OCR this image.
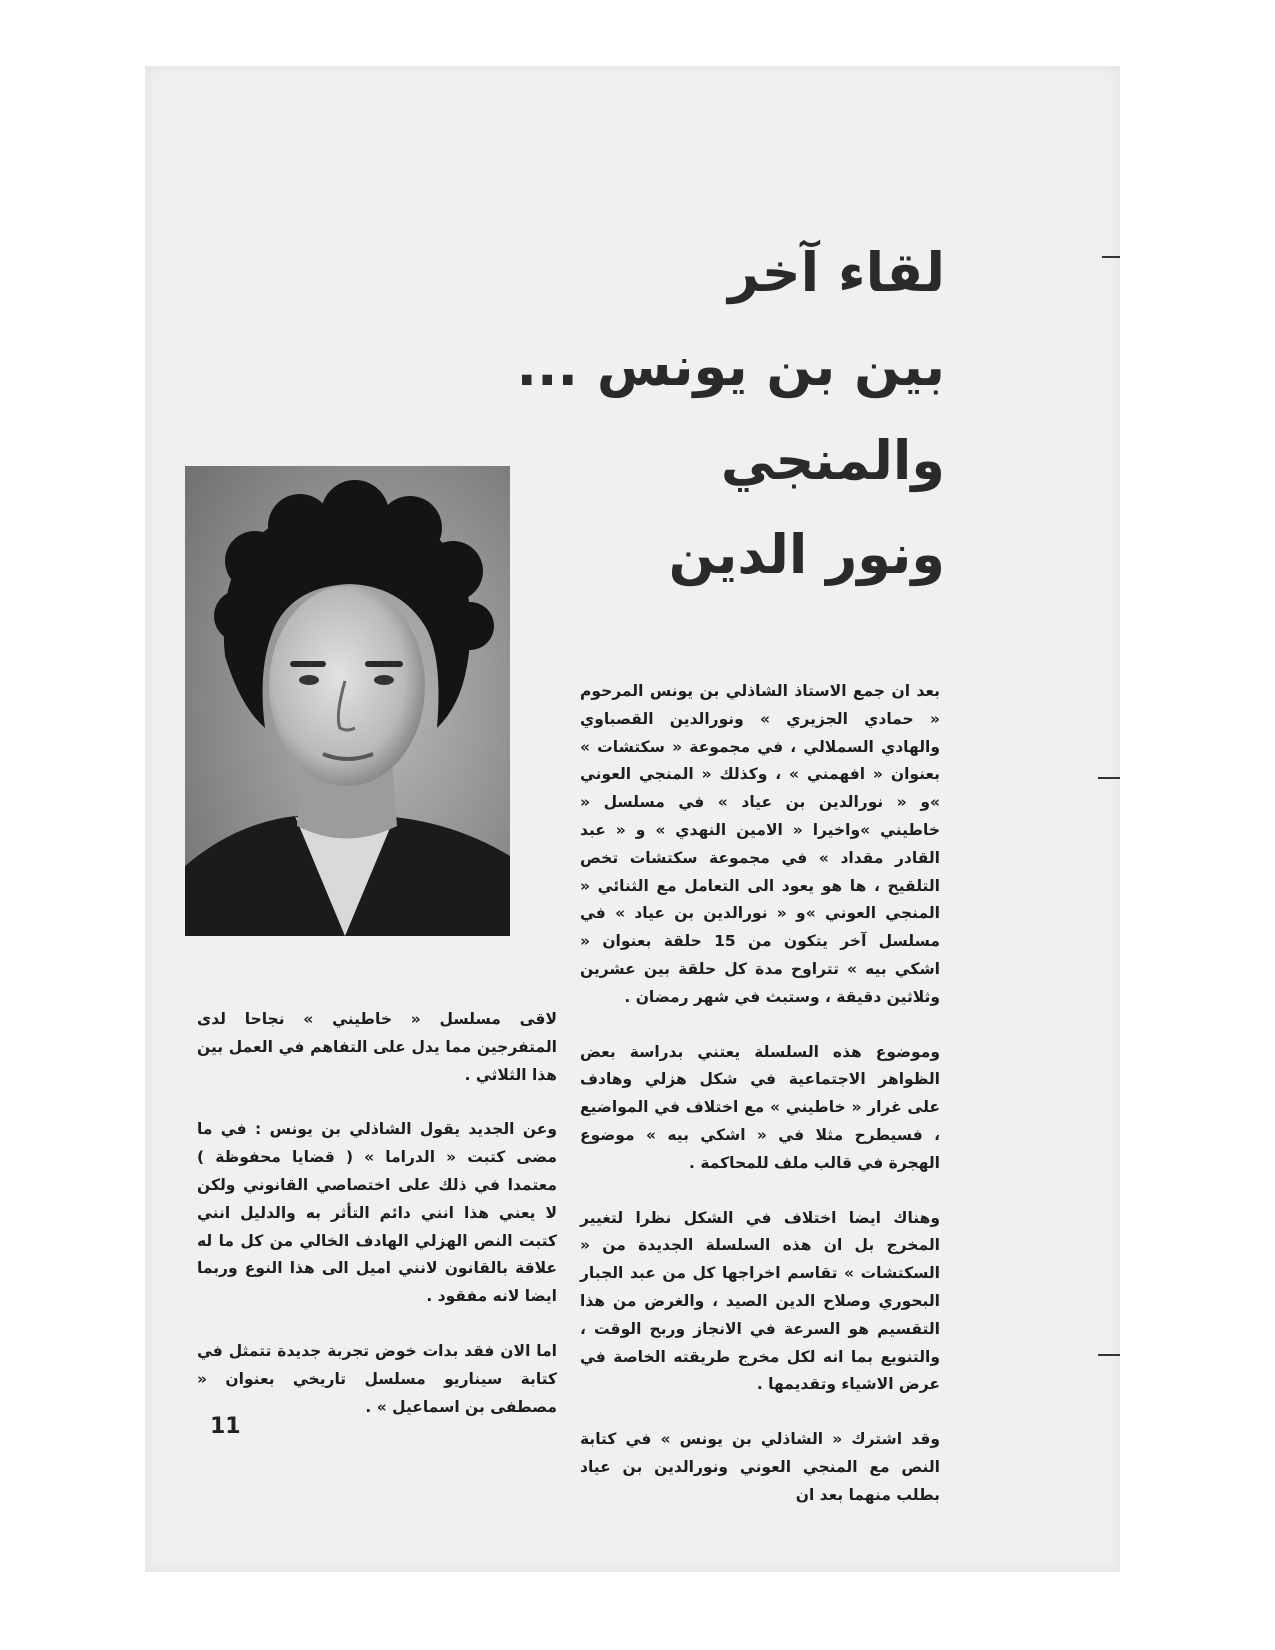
لقاء آخر
بين بن يونس ...
والمنجي
ونور الدين

بعد ان جمع الاستاذ الشاذلي بن يونس المرحوم « حمادي الجزيري » ونورالدين القصباوي والهادي السملالي ، في مجموعة « سكتشات » بعنوان « افهمني » ، وكذلك « المنجي العوني »و « نورالدين بن عياد » في مسلسل « خاطيني »واخيرا « الامين النهدي » و « عبد القادر مقداد » في مجموعة سكتشات تخص التلقيح ، ها هو يعود الى التعامل مع الثنائي « المنجي العوني »و « نورالدين بن عياد » في مسلسل آخر يتكون من 15 حلقة بعنوان « اشكي بيه » تتراوح مدة كل حلقة بين عشرين وثلاثين دقيقة ، وستبث في شهر رمضان .

وموضوع هذه السلسلة يعتني بدراسة بعض الظواهر الاجتماعية في شكل هزلي وهادف على غرار « خاطيني » مع اختلاف في المواضيع ، فسيطرح مثلا في « اشكي بيه » موضوع الهجرة في قالب ملف للمحاكمة .

وهناك ايضا اختلاف في الشكل نظرا لتغيير المخرج بل ان هذه السلسلة الجديدة من « السكتشات » تقاسم اخراجها كل من عبد الجبار البحوري وصلاح الدين الصيد ، والغرض من هذا التقسيم هو السرعة في الانجاز وربح الوقت ، والتنويع بما انه لكل مخرج طريقته الخاصة في عرض الاشياء وتقديمها .

وقد اشترك « الشاذلي بن يونس » في كتابة النص مع المنجي العوني ونورالدين بن عياد بطلب منهما بعد ان

لاقى مسلسل « خاطيني » نجاحا لدى المتفرجين مما يدل على التفاهم في العمل بين هذا الثلاثي .

وعن الجديد يقول الشاذلي بن يونس : في ما مضى كتبت « الدراما » ( قضايا محفوظة ) معتمدا في ذلك على اختصاصي القانوني ولكن لا يعني هذا انني دائم التأثر به والدليل انني كتبت النص الهزلي الهادف الخالي من كل ما له علاقة بالقانون لانني اميل الى هذا النوع وربما ايضا لانه مفقود .

اما الان فقد بدات خوض تجربة جديدة تتمثل في كتابة سيناريو مسلسل تاريخي بعنوان « مصطفى بن اسماعيل » .

11
